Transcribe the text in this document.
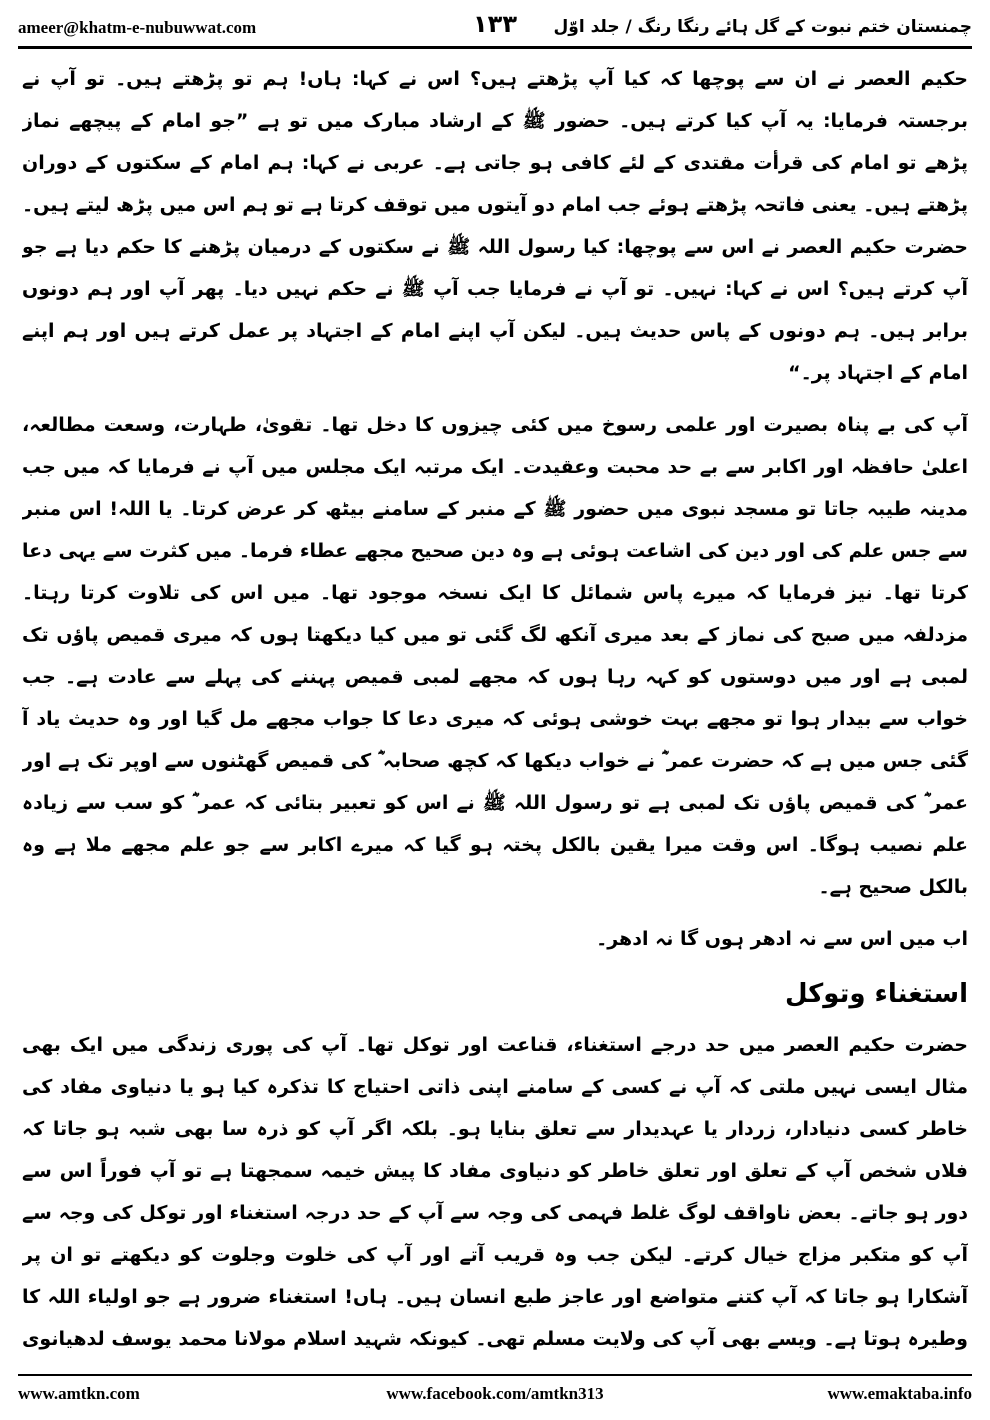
ameer@khatm-e-nubuwwat.com	۱۳۳	چمنستان ختم نبوت کے گل ہائے رنگا رنگ / جلد اوّل

حکیم العصر نے ان سے پوچھا کہ کیا آپ پڑھتے ہیں؟ اس نے کہا: ہاں! ہم تو پڑھتے ہیں۔ تو آپ نے برجستہ فرمایا: یہ آپ کیا کرتے ہیں۔ حضور ﷺ کے ارشاد مبارک میں تو ہے ”جو امام کے پیچھے نماز پڑھے تو امام کی قرأت مقتدی کے لئے کافی ہو جاتی ہے۔ عربی نے کہا: ہم امام کے سکتوں کے دوران پڑھتے ہیں۔ یعنی فاتحہ پڑھتے ہوئے جب امام دو آیتوں میں توقف کرتا ہے تو ہم اس میں پڑھ لیتے ہیں۔ حضرت حکیم العصر نے اس سے پوچھا: کیا رسول اللہ ﷺ نے سکتوں کے درمیان پڑھنے کا حکم دیا ہے جو آپ کرتے ہیں؟ اس نے کہا: نہیں۔ تو آپ نے فرمایا جب آپ ﷺ نے حکم نہیں دیا۔ پھر آپ اور ہم دونوں برابر ہیں۔ ہم دونوں کے پاس حدیث ہیں۔ لیکن آپ اپنے امام کے اجتہاد پر عمل کرتے ہیں اور ہم اپنے امام کے اجتہاد پر۔“

آپ کی بے پناہ بصیرت اور علمی رسوخ میں کئی چیزوں کا دخل تھا۔ تقویٰ، طہارت، وسعت مطالعہ، اعلیٰ حافظہ اور اکابر سے بے حد محبت وعقیدت۔ ایک مرتبہ ایک مجلس میں آپ نے فرمایا کہ میں جب مدینہ طیبہ جاتا تو مسجد نبوی میں حضور ﷺ کے منبر کے سامنے بیٹھ کر عرض کرتا۔ یا اللہ! اس منبر سے جس علم کی اور دین کی اشاعت ہوئی ہے وہ دین صحیح مجھے عطاء فرما۔ میں کثرت سے یہی دعا کرتا تھا۔ نیز فرمایا کہ میرے پاس شمائل کا ایک نسخہ موجود تھا۔ میں اس کی تلاوت کرتا رہتا۔ مزدلفہ میں صبح کی نماز کے بعد میری آنکھ لگ گئی تو میں کیا دیکھتا ہوں کہ میری قمیص پاؤں تک لمبی ہے اور میں دوستوں کو کہہ رہا ہوں کہ مجھے لمبی قمیص پہننے کی پہلے سے عادت ہے۔ جب خواب سے بیدار ہوا تو مجھے بہت خوشی ہوئی کہ میری دعا کا جواب مجھے مل گیا اور وہ حدیث یاد آ گئی جس میں ہے کہ حضرت عمر ؓ نے خواب دیکھا کہ کچھ صحابہ ؓ کی قمیص گھٹنوں سے اوپر تک ہے اور عمر ؓ کی قمیص پاؤں تک لمبی ہے تو رسول اللہ ﷺ نے اس کو تعبیر بتائی کہ عمر ؓ کو سب سے زیادہ علم نصیب ہوگا۔ اس وقت میرا یقین بالکل پختہ ہو گیا کہ میرے اکابر سے جو علم مجھے ملا ہے وہ بالکل صحیح ہے۔

اب میں اس سے نہ ادھر ہوں گا نہ ادھر۔

استغناء وتوکل

حضرت حکیم العصر میں حد درجے استغناء، قناعت اور توکل تھا۔ آپ کی پوری زندگی میں ایک بھی مثال ایسی نہیں ملتی کہ آپ نے کسی کے سامنے اپنی ذاتی احتیاج کا تذکرہ کیا ہو یا دنیاوی مفاد کی خاطر کسی دنیادار، زردار یا عہدیدار سے تعلق بنایا ہو۔ بلکہ اگر آپ کو ذرہ سا بھی شبہ ہو جاتا کہ فلاں شخص آپ کے تعلق اور تعلق خاطر کو دنیاوی مفاد کا پیش خیمہ سمجھتا ہے تو آپ فوراً اس سے دور ہو جاتے۔ بعض ناواقف لوگ غلط فہمی کی وجہ سے آپ کے حد درجہ استغناء اور توکل کی وجہ سے آپ کو متکبر مزاج خیال کرتے۔ لیکن جب وہ قریب آتے اور آپ کی خلوت وجلوت کو دیکھتے تو ان پر آشکارا ہو جاتا کہ آپ کتنے متواضع اور عاجز طبع انسان ہیں۔ ہاں! استغناء ضرور ہے جو اولیاء اللہ کا وطیرہ ہوتا ہے۔ ویسے بھی آپ کی ولایت مسلم تھی۔ کیونکہ شہید اسلام مولانا محمد یوسف لدھیانوی

www.amtkn.com	www.facebook.com/amtkn313	www.emaktaba.info
